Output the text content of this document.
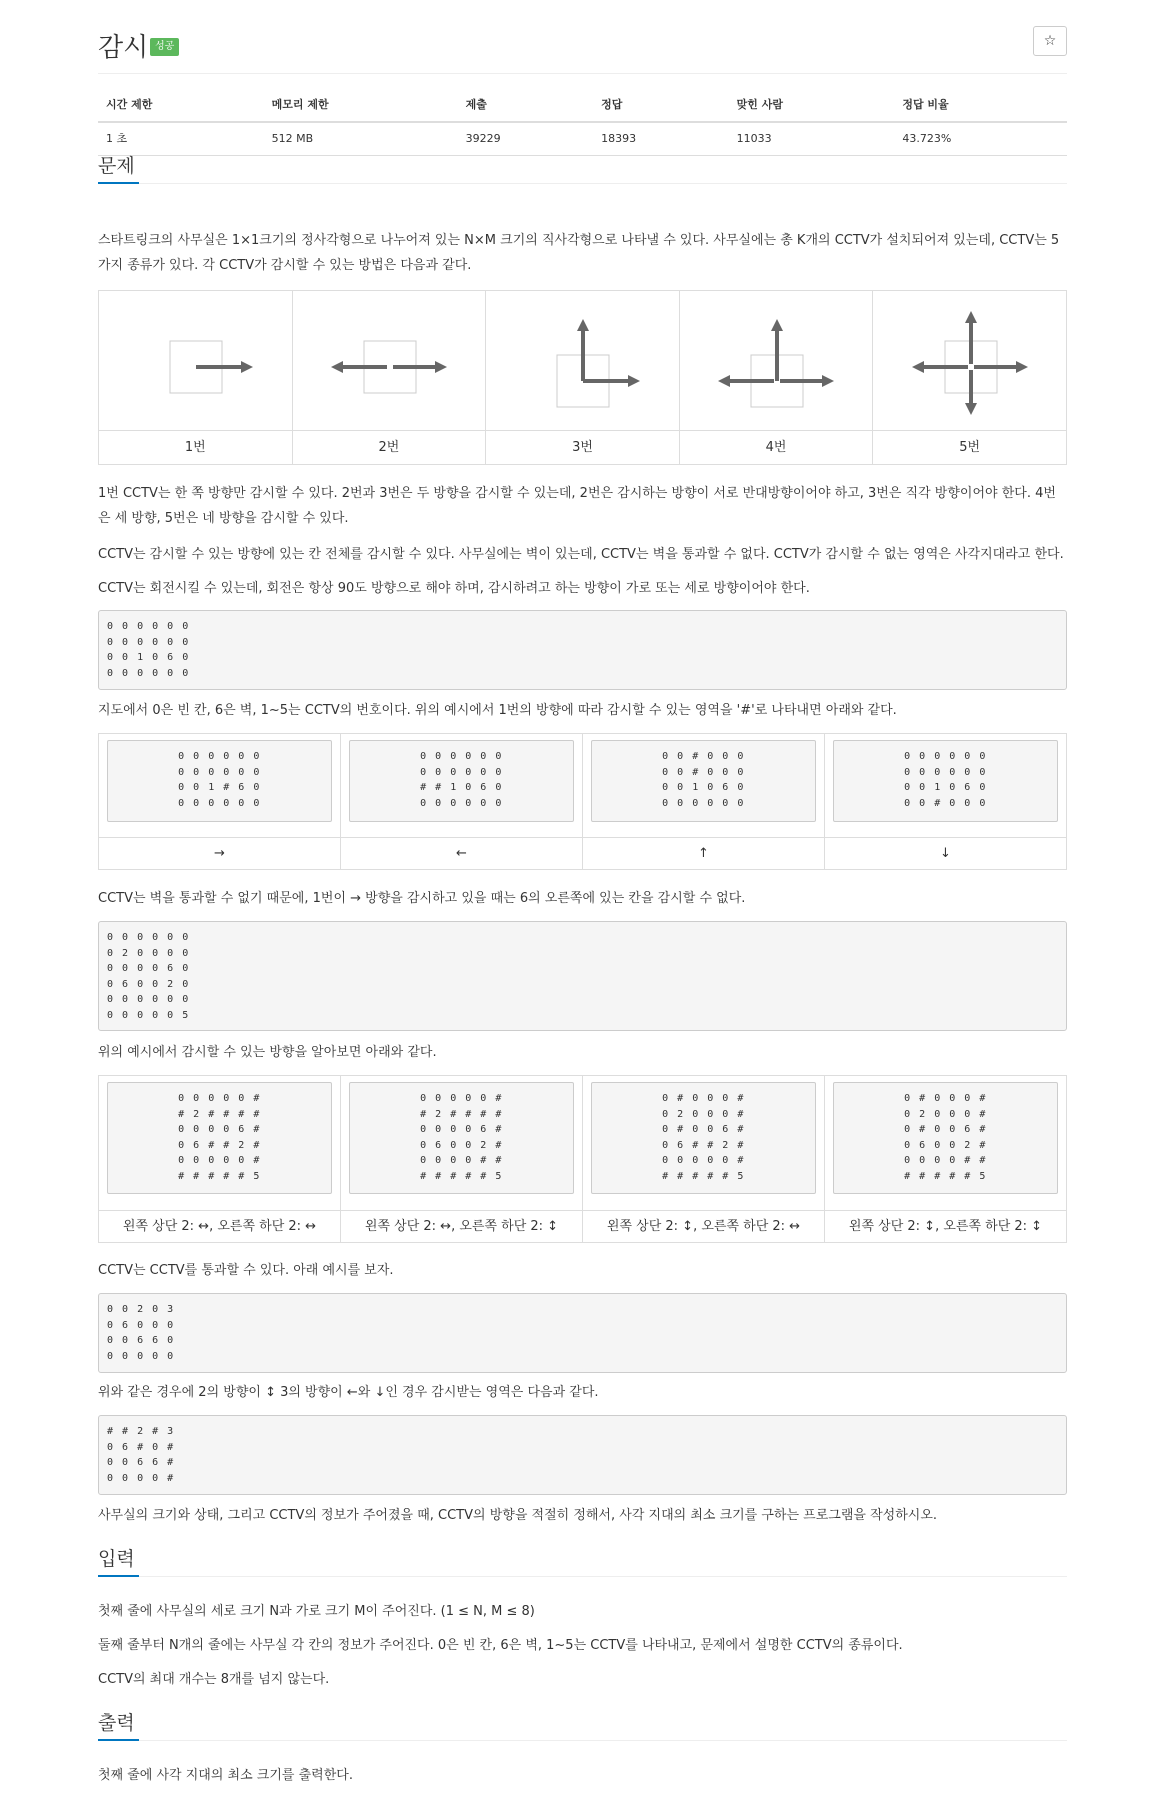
감시 성공	☆
시간 제한	메모리 제한	제출	정답	맞힌 사람	정답 비율
1 초	512 MB	39229	18393	11033	43.723%
문제

스타트링크의 사무실은 1×1크기의 정사각형으로 나누어져 있는 N×M 크기의 직사각형으로 나타낼 수 있다. 사무실에는 총 K개의 CCTV가 설치되어져 있는데, CCTV는 5가지 종류가 있다. 각 CCTV가 감시할 수 있는 방법은 다음과 같다.

1번	2번	3번	4번	5번

1번 CCTV는 한 쪽 방향만 감시할 수 있다. 2번과 3번은 두 방향을 감시할 수 있는데, 2번은 감시하는 방향이 서로 반대방향이어야 하고, 3번은 직각 방향이어야 한다. 4번은 세 방향, 5번은 네 방향을 감시할 수 있다.

CCTV는 감시할 수 있는 방향에 있는 칸 전체를 감시할 수 있다. 사무실에는 벽이 있는데, CCTV는 벽을 통과할 수 없다. CCTV가 감시할 수 없는 영역은 사각지대라고 한다.

CCTV는 회전시킬 수 있는데, 회전은 항상 90도 방향으로 해야 하며, 감시하려고 하는 방향이 가로 또는 세로 방향이어야 한다.

0 0 0 0 0 0
0 0 0 0 0 0
0 0 1 0 6 0
0 0 0 0 0 0

지도에서 0은 빈 칸, 6은 벽, 1~5는 CCTV의 번호이다. 위의 예시에서 1번의 방향에 따라 감시할 수 있는 영역을 '#'로 나타내면 아래와 같다.

0 0 0 0 0 0
0 0 0 0 0 0
0 0 1 # 6 0
0 0 0 0 0 0
→
0 0 0 0 0 0
0 0 0 0 0 0
# # 1 0 6 0
0 0 0 0 0 0
←
0 0 # 0 0 0
0 0 # 0 0 0
0 0 1 0 6 0
0 0 0 0 0 0
↑
0 0 0 0 0 0
0 0 0 0 0 0
0 0 1 0 6 0
0 0 # 0 0 0
↓

CCTV는 벽을 통과할 수 없기 때문에, 1번이 → 방향을 감시하고 있을 때는 6의 오른쪽에 있는 칸을 감시할 수 없다.

0 0 0 0 0 0
0 2 0 0 0 0
0 0 0 0 6 0
0 6 0 0 2 0
0 0 0 0 0 0
0 0 0 0 0 5

위의 예시에서 감시할 수 있는 방향을 알아보면 아래와 같다.

0 0 0 0 0 #
# 2 # # # #
0 0 0 0 6 #
0 6 # # 2 #
0 0 0 0 0 #
# # # # # 5
왼쪽 상단 2: ↔, 오른쪽 하단 2: ↔
0 0 0 0 0 #
# 2 # # # #
0 0 0 0 6 #
0 6 0 0 2 #
0 0 0 0 # #
# # # # # 5
왼쪽 상단 2: ↔, 오른쪽 하단 2: ↕
0 # 0 0 0 #
0 2 0 0 0 #
0 # 0 0 6 #
0 6 # # 2 #
0 0 0 0 0 #
# # # # # 5
왼쪽 상단 2: ↕, 오른쪽 하단 2: ↔
0 # 0 0 0 #
0 2 0 0 0 #
0 # 0 0 6 #
0 6 0 0 2 #
0 0 0 0 # #
# # # # # 5
왼쪽 상단 2: ↕, 오른쪽 하단 2: ↕

CCTV는 CCTV를 통과할 수 있다. 아래 예시를 보자.

0 0 2 0 3
0 6 0 0 0
0 0 6 6 0
0 0 0 0 0

위와 같은 경우에 2의 방향이 ↕ 3의 방향이 ←와 ↓인 경우 감시받는 영역은 다음과 같다.

# # 2 # 3
0 6 # 0 #
0 0 6 6 #
0 0 0 0 #

사무실의 크기와 상태, 그리고 CCTV의 정보가 주어졌을 때, CCTV의 방향을 적절히 정해서, 사각 지대의 최소 크기를 구하는 프로그램을 작성하시오.

입력

첫째 줄에 사무실의 세로 크기 N과 가로 크기 M이 주어진다. (1 ≤ N, M ≤ 8)

둘째 줄부터 N개의 줄에는 사무실 각 칸의 정보가 주어진다. 0은 빈 칸, 6은 벽, 1~5는 CCTV를 나타내고, 문제에서 설명한 CCTV의 종류이다.

CCTV의 최대 개수는 8개를 넘지 않는다.

출력

첫째 줄에 사각 지대의 최소 크기를 출력한다.
